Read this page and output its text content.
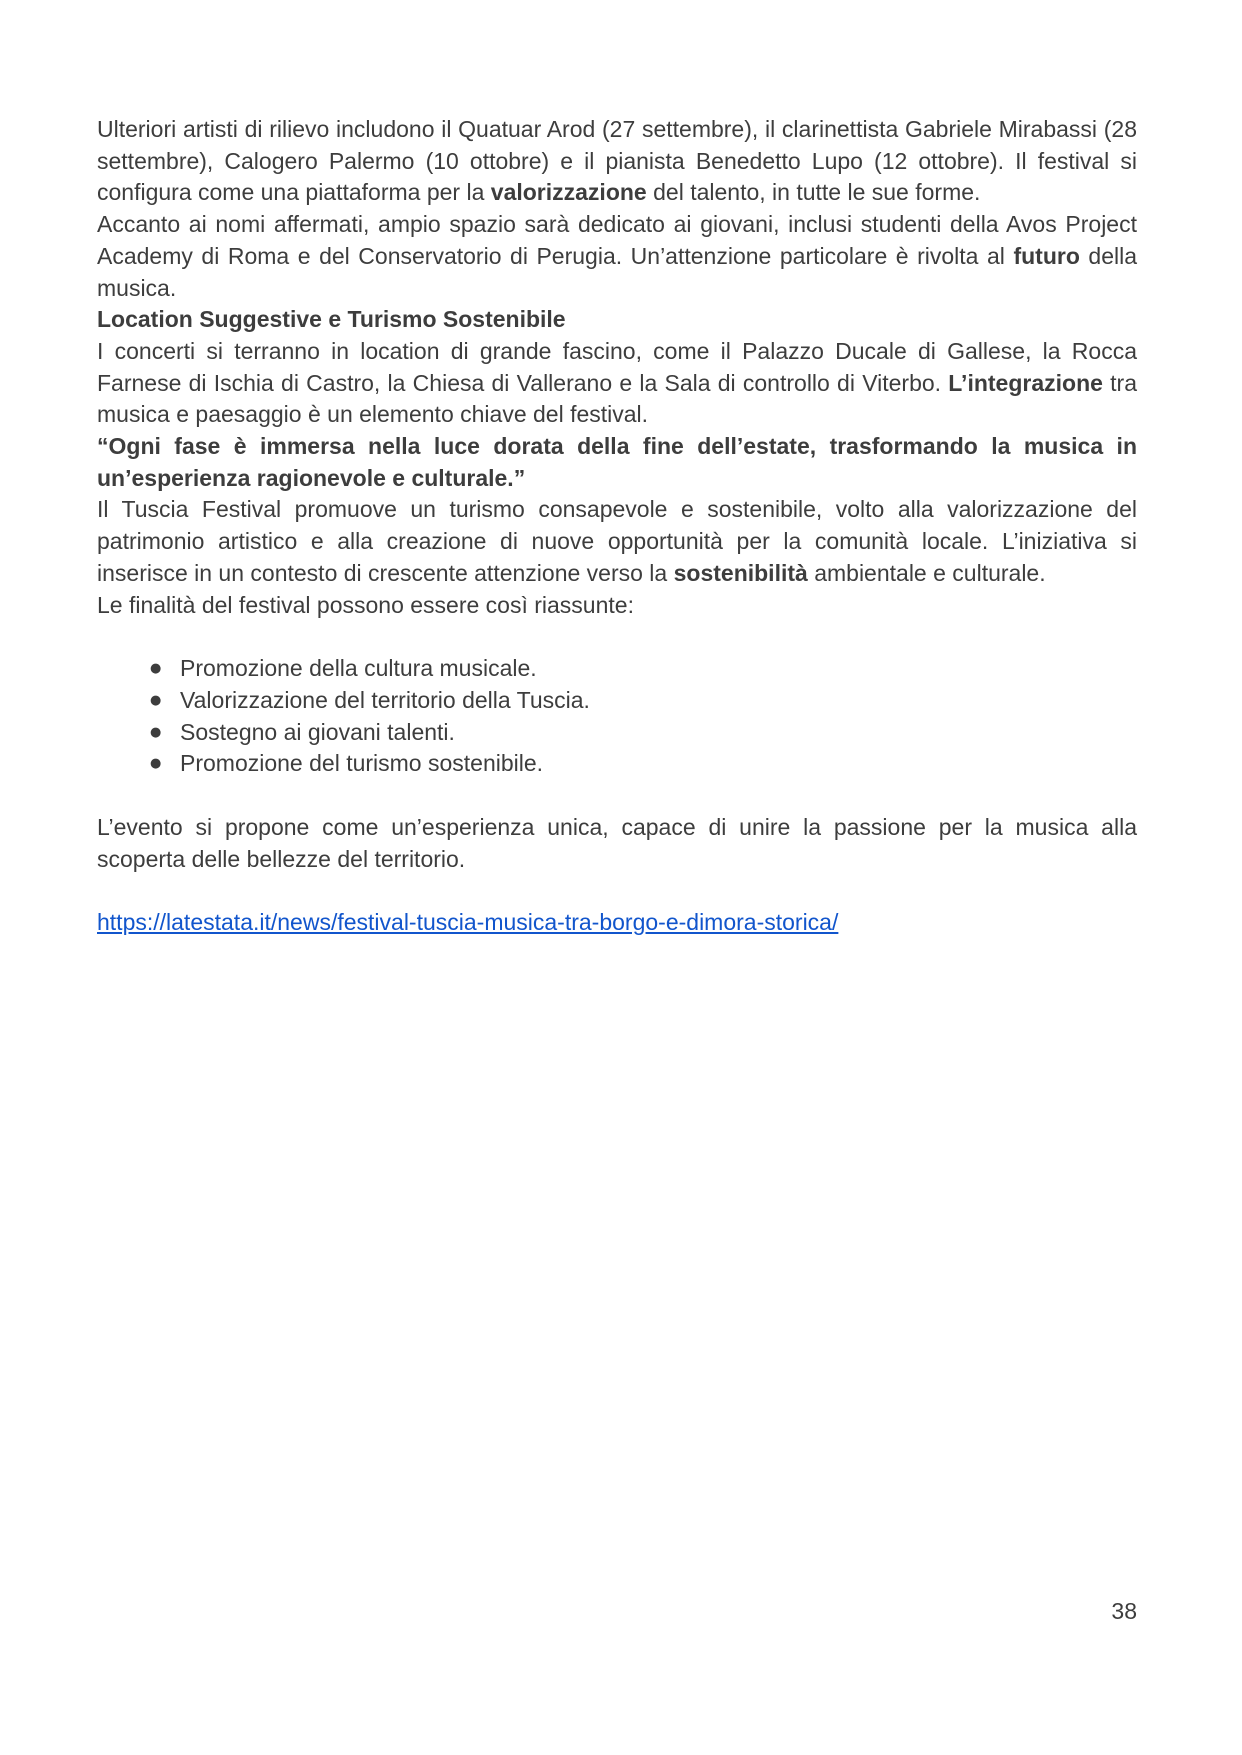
Ulteriori artisti di rilievo includono il Quatuar Arod (27 settembre), il clarinettista Gabriele Mirabassi (28 settembre), Calogero Palermo (10 ottobre) e il pianista Benedetto Lupo (12 ottobre). Il festival si configura come una piattaforma per la valorizzazione del talento, in tutte le sue forme.
Accanto ai nomi affermati, ampio spazio sarà dedicato ai giovani, inclusi studenti della Avos Project Academy di Roma e del Conservatorio di Perugia. Un’attenzione particolare è rivolta al futuro della musica.
Location Suggestive e Turismo Sostenibile
I concerti si terranno in location di grande fascino, come il Palazzo Ducale di Gallese, la Rocca Farnese di Ischia di Castro, la Chiesa di Vallerano e la Sala di controllo di Viterbo. L’integrazione tra musica e paesaggio è un elemento chiave del festival.
“Ogni fase è immersa nella luce dorata della fine dell’estate, trasformando la musica in un’esperienza ragionevole e culturale.”
Il Tuscia Festival promuove un turismo consapevole e sostenibile, volto alla valorizzazione del patrimonio artistico e alla creazione di nuove opportunità per la comunità locale. L’iniziativa si inserisce in un contesto di crescente attenzione verso la sostenibilità ambientale e culturale.
Le finalità del festival possono essere così riassunte:
● Promozione della cultura musicale.
● Valorizzazione del territorio della Tuscia.
● Sostegno ai giovani talenti.
● Promozione del turismo sostenibile.
L’evento si propone come un’esperienza unica, capace di unire la passione per la musica alla scoperta delle bellezze del territorio.
https://latestata.it/news/festival-tuscia-musica-tra-borgo-e-dimora-storica/
38
